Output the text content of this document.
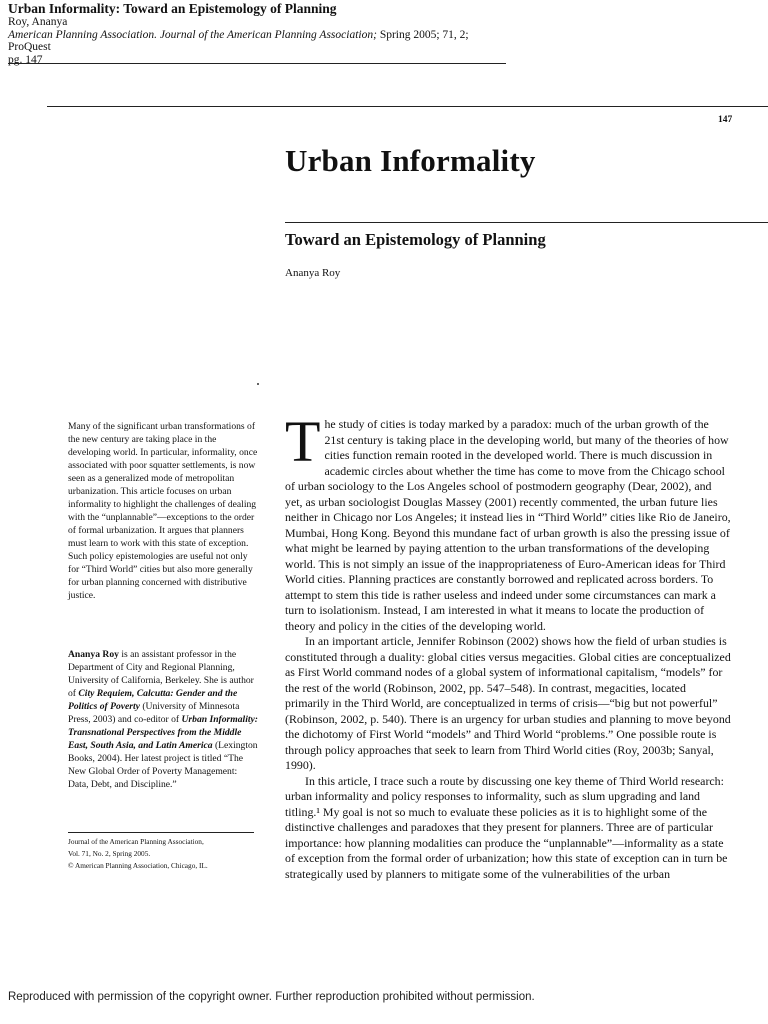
Urban Informality: Toward an Epistemology of Planning

Roy, Ananya

American Planning Association. Journal of the American Planning Association; Spring 2005; 71, 2;

ProQuest

pg. 147

147
Urban Informality
Toward an Epistemology of Planning
Ananya Roy

Many of the significant urban transformations of the new century are taking place in the developing world. In particular, informality, once associated with poor squatter settlements, is now seen as a generalized mode of metropolitan urbanization. This article focuses on urban informality to highlight the challenges of dealing with the “unplannable”—exceptions to the order of formal urbanization. It argues that planners must learn to work with this state of exception. Such policy epistemologies are useful not only for “Third World” cities but also more generally for urban planning concerned with distributive justice.

Ananya Roy is an assistant professor in the Department of City and Regional Planning, University of California, Berkeley. She is author of City Requiem, Calcutta: Gender and the Politics of Poverty (University of Minnesota Press, 2003) and co-editor of Urban Informality: Transnational Perspectives from the Middle East, South Asia, and Latin America (Lexington Books, 2004). Her latest project is titled “The New Global Order of Poverty Management: Data, Debt, and Discipline.”

Journal of the American Planning Association,

Vol. 71, No. 2, Spring 2005.

© American Planning Association, Chicago, IL.

The study of cities is today marked by a paradox: much of the urban growth of the 21st century is taking place in the developing world, but many of the theories of how cities function remain rooted in the developed world. There is much discussion in academic circles about whether the time has come to move from the Chicago school of urban sociology to the Los Angeles school of postmodern geography (Dear, 2002), and yet, as urban sociologist Douglas Massey (2001) recently commented, the urban future lies neither in Chicago nor Los Angeles; it instead lies in “Third World” cities like Rio de Janeiro, Mumbai, Hong Kong. Beyond this mundane fact of urban growth is also the pressing issue of what might be learned by paying attention to the urban transformations of the developing world. This is not simply an issue of the inappropriateness of Euro-American ideas for Third World cities. Planning practices are constantly borrowed and replicated across borders. To attempt to stem this tide is rather useless and indeed under some circumstances can mark a turn to isolationism. Instead, I am interested in what it means to locate the production of theory and policy in the cities of the developing world.

In an important article, Jennifer Robinson (2002) shows how the field of urban studies is constituted through a duality: global cities versus megacities. Global cities are conceptualized as First World command nodes of a global system of informational capitalism, “models” for the rest of the world (Robinson, 2002, pp. 547–548). In contrast, megacities, located primarily in the Third World, are conceptualized in terms of crisis—“big but not powerful” (Robinson, 2002, p. 540). There is an urgency for urban studies and planning to move beyond the dichotomy of First World “models” and Third World “problems.” One possible route is through policy approaches that seek to learn from Third World cities (Roy, 2003b; Sanyal, 1990).

In this article, I trace such a route by discussing one key theme of Third World research: urban informality and policy responses to informality, such as slum upgrading and land titling.¹ My goal is not so much to evaluate these policies as it is to highlight some of the distinctive challenges and paradoxes that they present for planners. Three are of particular importance: how planning modalities can produce the “unplannable”—informality as a state of exception from the formal order of urbanization; how this state of exception can in turn be strategically used by planners to mitigate some of the vulnerabilities of the urban

Reproduced with permission of the copyright owner. Further reproduction prohibited without permission.
